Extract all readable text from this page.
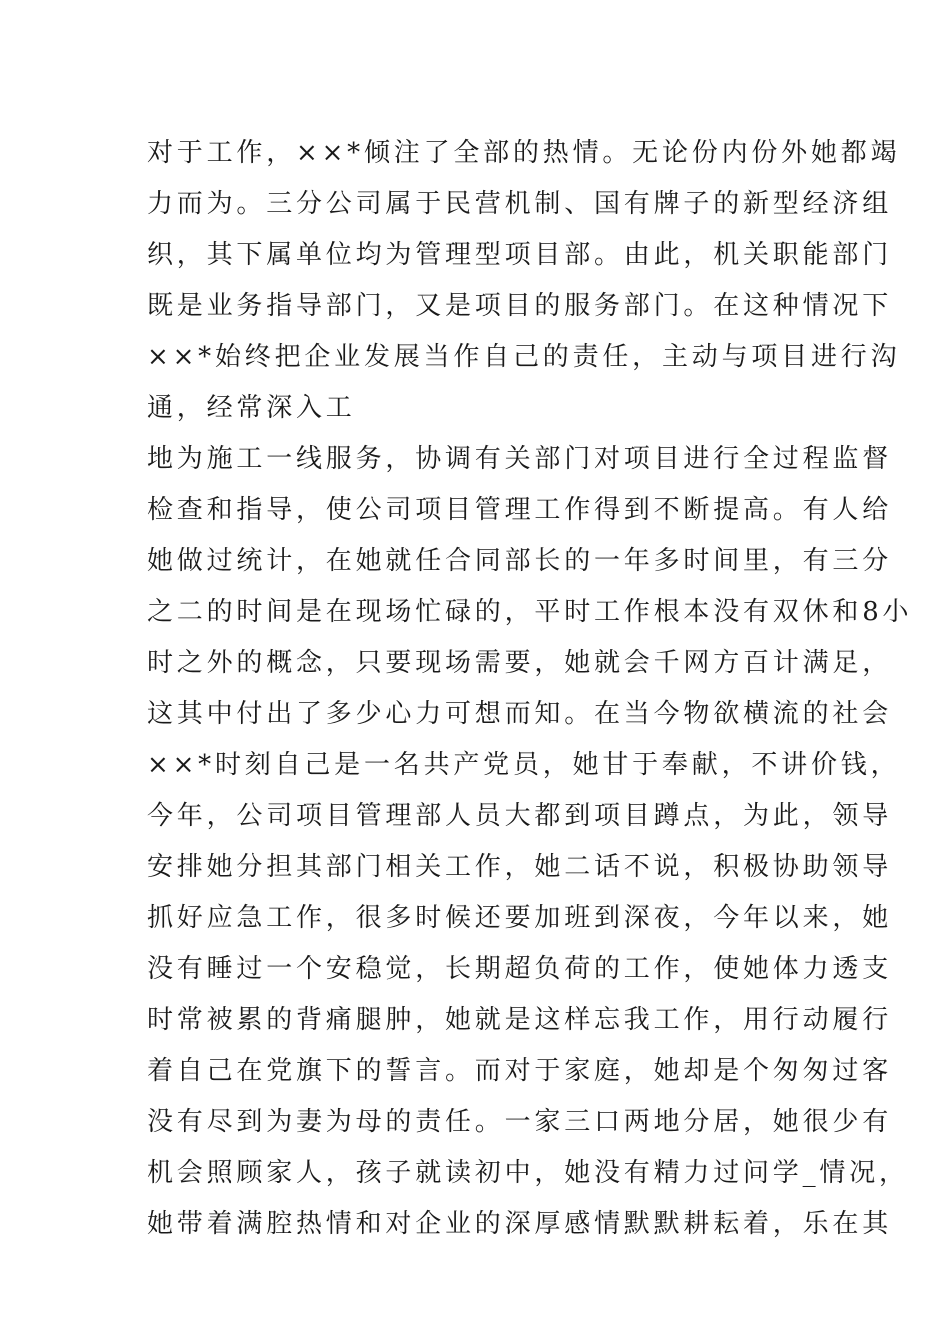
对于工作，××*倾注了全部的热情。无论份内份外她都竭
力而为。三分公司属于民营机制、国有牌子的新型经济组
织，其下属单位均为管理型项目部。由此，机关职能部门
既是业务指导部门，又是项目的服务部门。在这种情况下
××*始终把企业发展当作自己的责任，主动与项目进行沟
通，经常深入工
地为施工一线服务，协调有关部门对项目进行全过程监督
检查和指导，使公司项目管理工作得到不断提高。有人给
她做过统计，在她就任合同部长的一年多时间里，有三分
之二的时间是在现场忙碌的，平时工作根本没有双休和8小
时之外的概念，只要现场需要，她就会千网方百计满足，
这其中付出了多少心力可想而知。在当今物欲横流的社会
××*时刻自己是一名共产党员，她甘于奉献，不讲价钱，
今年，公司项目管理部人员大都到项目蹲点，为此，领导
安排她分担其部门相关工作，她二话不说，积极协助领导
抓好应急工作，很多时候还要加班到深夜，今年以来，她
没有睡过一个安稳觉，长期超负荷的工作，使她体力透支
时常被累的背痛腿肿，她就是这样忘我工作，用行动履行
着自己在党旗下的誓言。而对于家庭，她却是个匆匆过客
没有尽到为妻为母的责任。一家三口两地分居，她很少有
机会照顾家人，孩子就读初中，她没有精力过问学_情况，
她带着满腔热情和对企业的深厚感情默默耕耘着，乐在其
